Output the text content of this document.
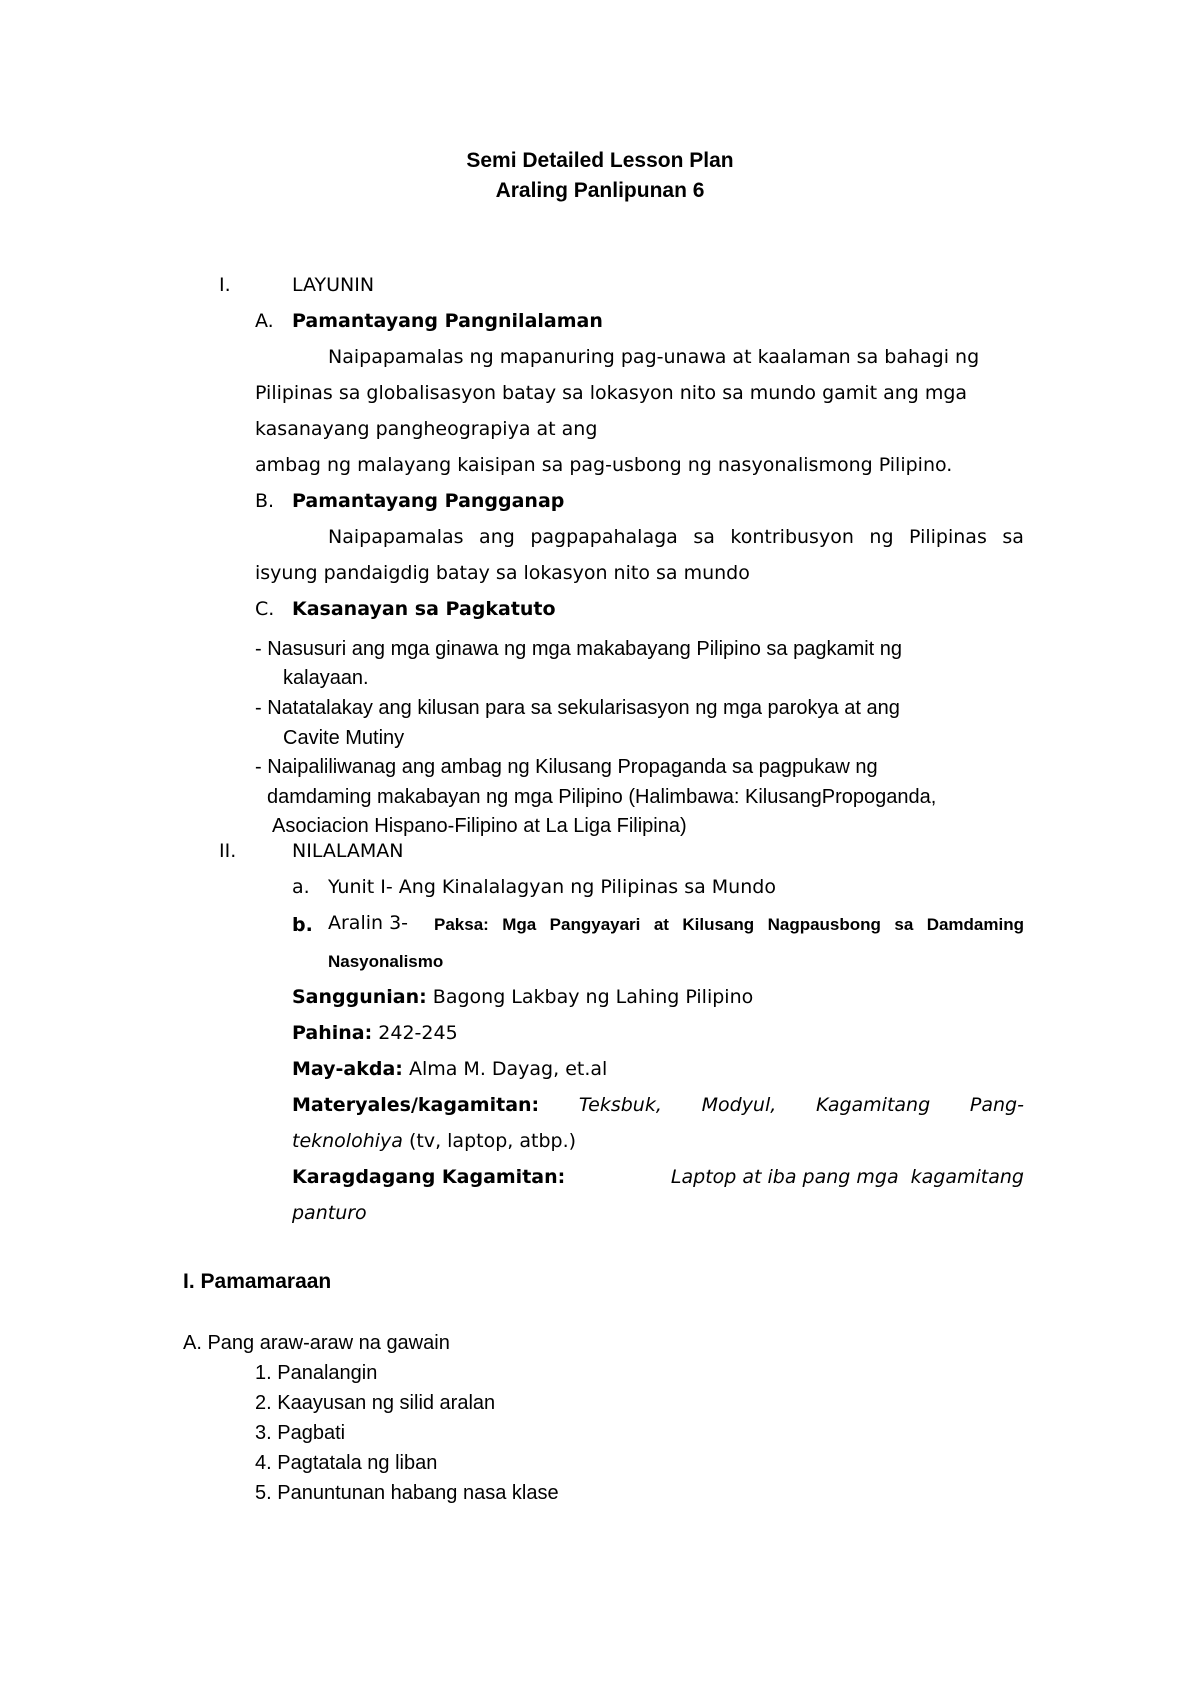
Semi Detailed Lesson Plan

Araling Panlipunan 6

I.	LAYUNIN

A. Pamantayang Pangnilalaman

Naipapamalas ng mapanuring pag-unawa at kaalaman sa bahagi ng

Pilipinas sa globalisasyon batay sa lokasyon nito sa mundo gamit ang mga

kasanayang pangheograpiya at ang

ambag ng malayang kaisipan sa pag-usbong ng nasyonalismong Pilipino.

B. Pamantayang Pangganap

Naipapamalas ang pagpapahalaga sa kontribusyon ng Pilipinas sa

isyung pandaigdig batay sa lokasyon nito sa mundo

C. Kasanayan sa Pagkatuto

- Nasusuri ang mga ginawa ng mga makabayang Pilipino sa pagkamit ng

kalayaan.

- Natatalakay ang kilusan para sa sekularisasyon ng mga parokya at ang

Cavite Mutiny

- Naipaliliwanag ang ambag ng Kilusang Propaganda sa pagpukaw ng

damdaming makabayan ng mga Pilipino (Halimbawa: KilusangPropoganda,

Asociacion Hispano-Filipino at La Liga Filipina)

II.	NILALAMAN

a. Yunit I- Ang Kinalalagyan ng Pilipinas sa Mundo

b. Aralin 3- Paksa: Mga Pangyayari at Kilusang Nagpausbong sa Damdaming

Nasyonalismo

Sanggunian: Bagong Lakbay ng Lahing Pilipino

Pahina: 242-245

May-akda: Alma M. Dayag, et.al

Materyales/kagamitan: Teksbuk, Modyul, Kagamitang Pang-

teknolohiya (tv, laptop, atbp.)

Karagdagang Kagamitan:	Laptop at iba pang mga  kagamitang

panturo

I. Pamamaraan

A. Pang araw-araw na gawain

1. Panalangin

2. Kaayusan ng silid aralan

3. Pagbati

4. Pagtatala ng liban

5. Panuntunan habang nasa klase
